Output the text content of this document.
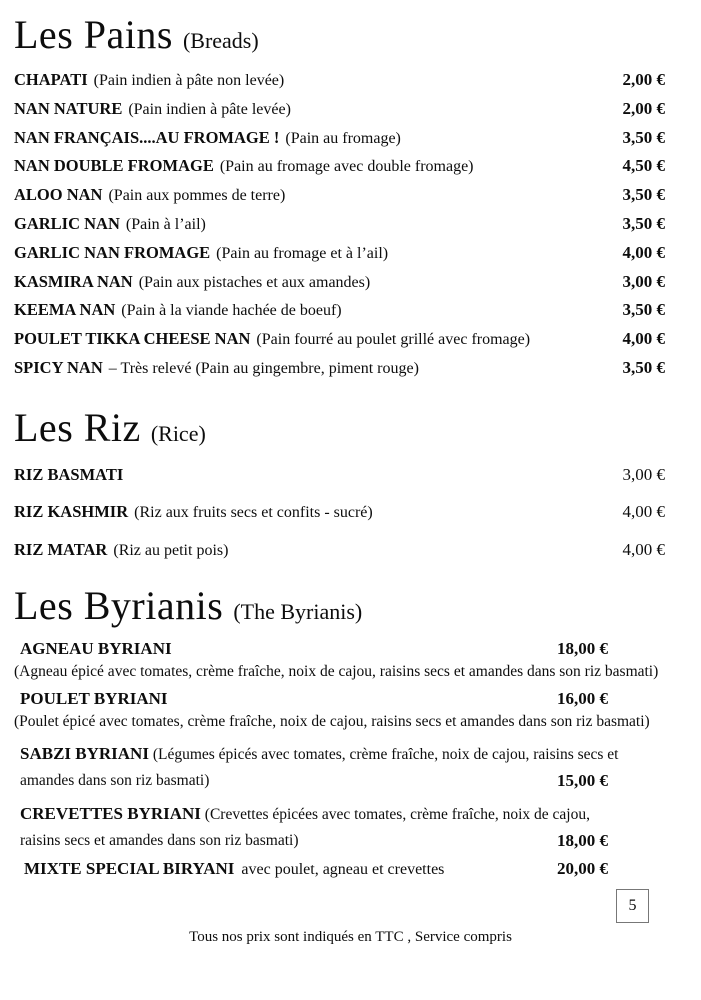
Les Pains (Breads)
CHAPATI (Pain indien à pâte non levée)	2,00 €
NAN NATURE (Pain indien à pâte levée)	2,00 €
NAN FRANÇAIS....AU FROMAGE ! (Pain au fromage)	3,50 €
NAN DOUBLE FROMAGE (Pain au fromage avec double fromage)	4,50 €
ALOO NAN (Pain aux pommes de terre)	3,50 €
GARLIC NAN (Pain à l’ail)	3,50 €
GARLIC NAN FROMAGE (Pain au fromage et à l’ail)	4,00 €
KASMIRA NAN (Pain aux pistaches et aux amandes)	3,00 €
KEEMA NAN (Pain à la viande hachée de boeuf)	3,50 €
POULET TIKKA CHEESE NAN (Pain fourré au poulet grillé avec fromage)	4,00 €
SPICY NAN – Très relevé (Pain au gingembre, piment rouge)	3,50 €
Les Riz (Rice)
RIZ BASMATI	3,00 €
RIZ KASHMIR (Riz aux fruits secs et confits - sucré)	4,00 €
RIZ MATAR (Riz au petit pois)	4,00 €
Les Byrianis (The Byrianis)
AGNEAU BYRIANI	18,00 €
(Agneau épicé avec tomates, crème fraîche, noix de cajou, raisins secs et amandes dans son riz basmati)
POULET BYRIANI	16,00 €
(Poulet épicé avec tomates, crème fraîche, noix de cajou, raisins secs et amandes dans son riz basmati)
SABZI BYRIANI (Légumes épicés avec tomates, crème fraîche, noix de cajou, raisins secs et amandes dans son riz basmati)	15,00 €
CREVETTES BYRIANI (Crevettes épicées avec tomates, crème fraîche, noix de cajou, raisins secs et amandes dans son riz basmati)	18,00 €
MIXTE SPECIAL BIRYANI avec poulet, agneau et crevettes	20,00 €
5
Tous nos prix sont indiqués en TTC , Service compris
